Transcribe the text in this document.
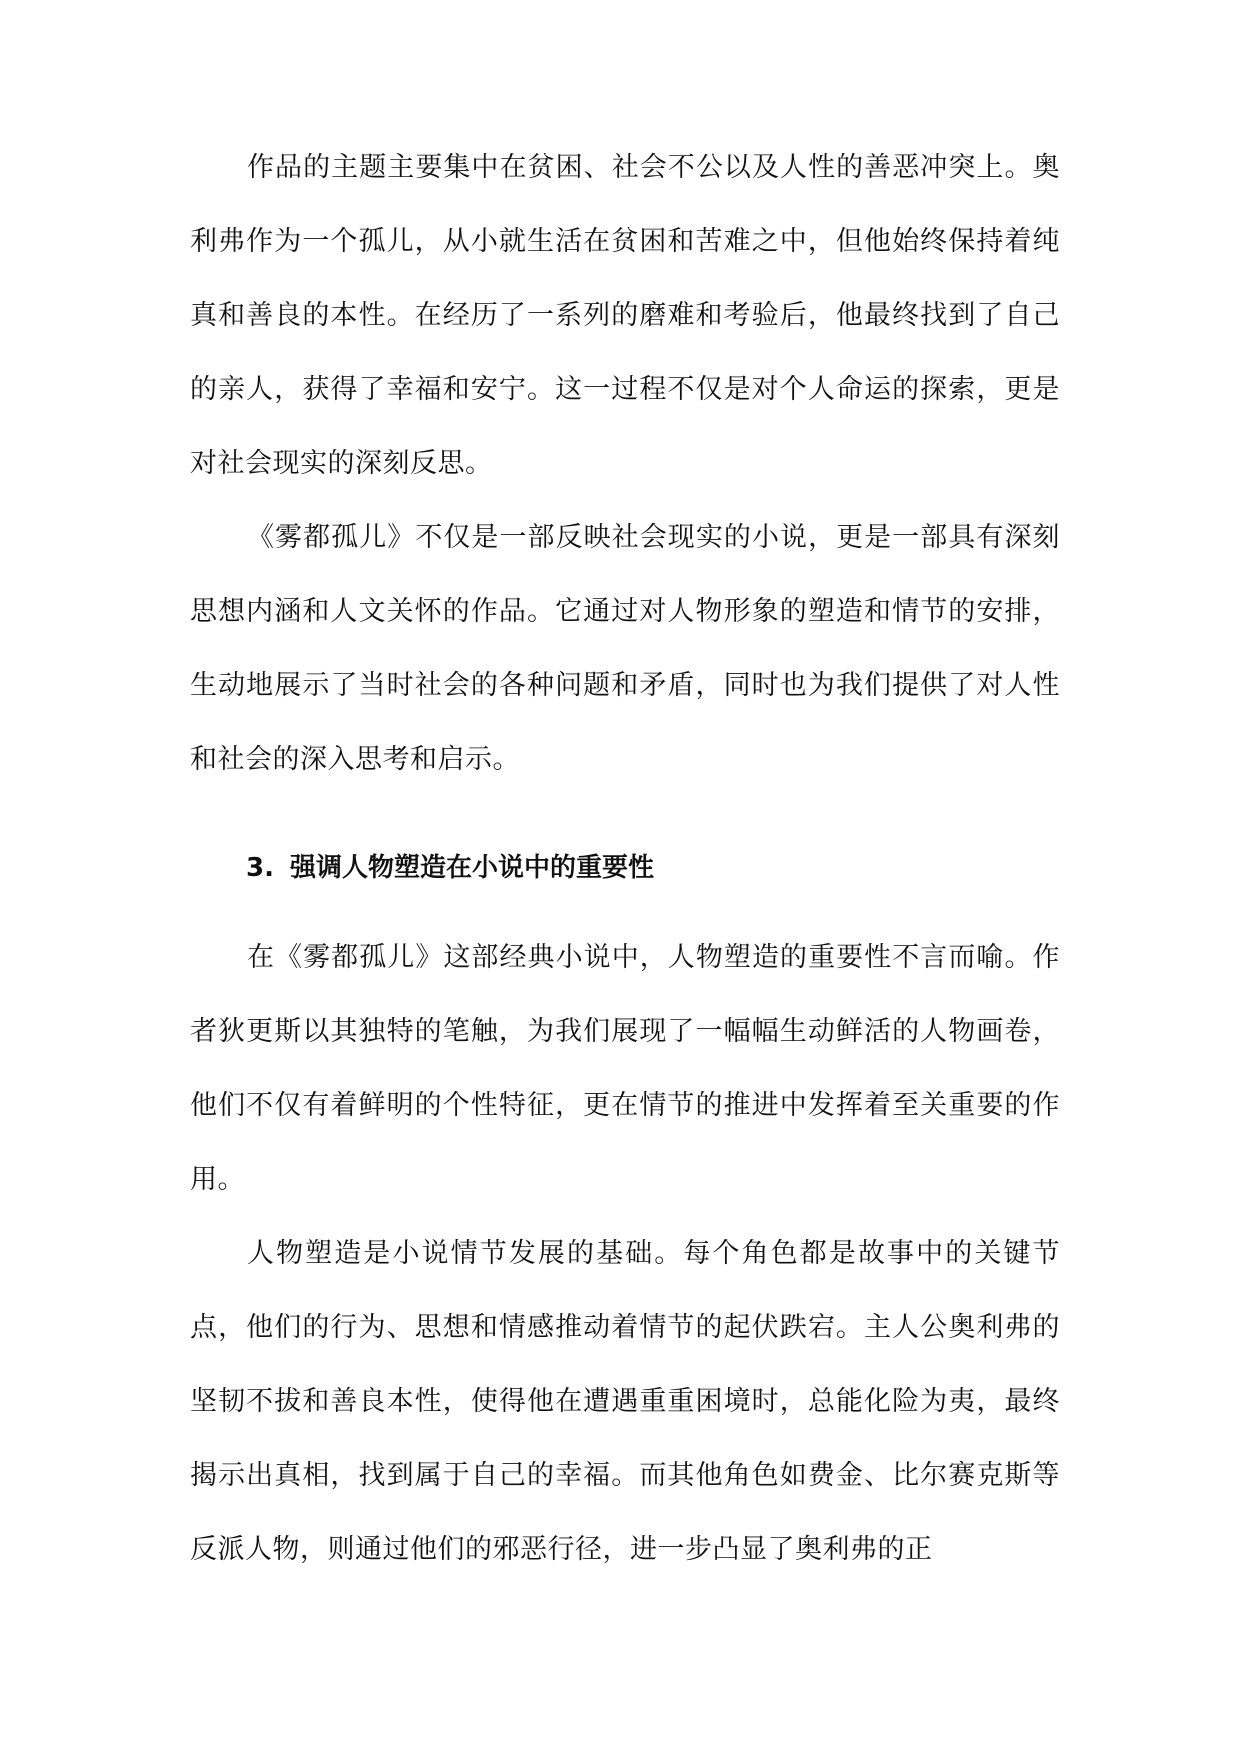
作品的主题主要集中在贫困、社会不公以及人性的善恶冲突上。奥利弗作为一个孤儿，从小就生活在贫困和苦难之中，但他始终保持着纯真和善良的本性。在经历了一系列的磨难和考验后，他最终找到了自己的亲人，获得了幸福和安宁。这一过程不仅是对个人命运的探索，更是对社会现实的深刻反思。

《雾都孤儿》不仅是一部反映社会现实的小说，更是一部具有深刻思想内涵和人文关怀的作品。它通过对人物形象的塑造和情节的安排，生动地展示了当时社会的各种问题和矛盾，同时也为我们提供了对人性和社会的深入思考和启示。

3. 强调人物塑造在小说中的重要性

在《雾都孤儿》这部经典小说中，人物塑造的重要性不言而喻。作者狄更斯以其独特的笔触，为我们展现了一幅幅生动鲜活的人物画卷，他们不仅有着鲜明的个性特征，更在情节的推进中发挥着至关重要的作用。

人物塑造是小说情节发展的基础。每个角色都是故事中的关键节点，他们的行为、思想和情感推动着情节的起伏跌宕。主人公奥利弗的坚韧不拔和善良本性，使得他在遭遇重重困境时，总能化险为夷，最终揭示出真相，找到属于自己的幸福。而其他角色如费金、比尔赛克斯等反派人物，则通过他们的邪恶行径，进一步凸显了奥利弗的正
